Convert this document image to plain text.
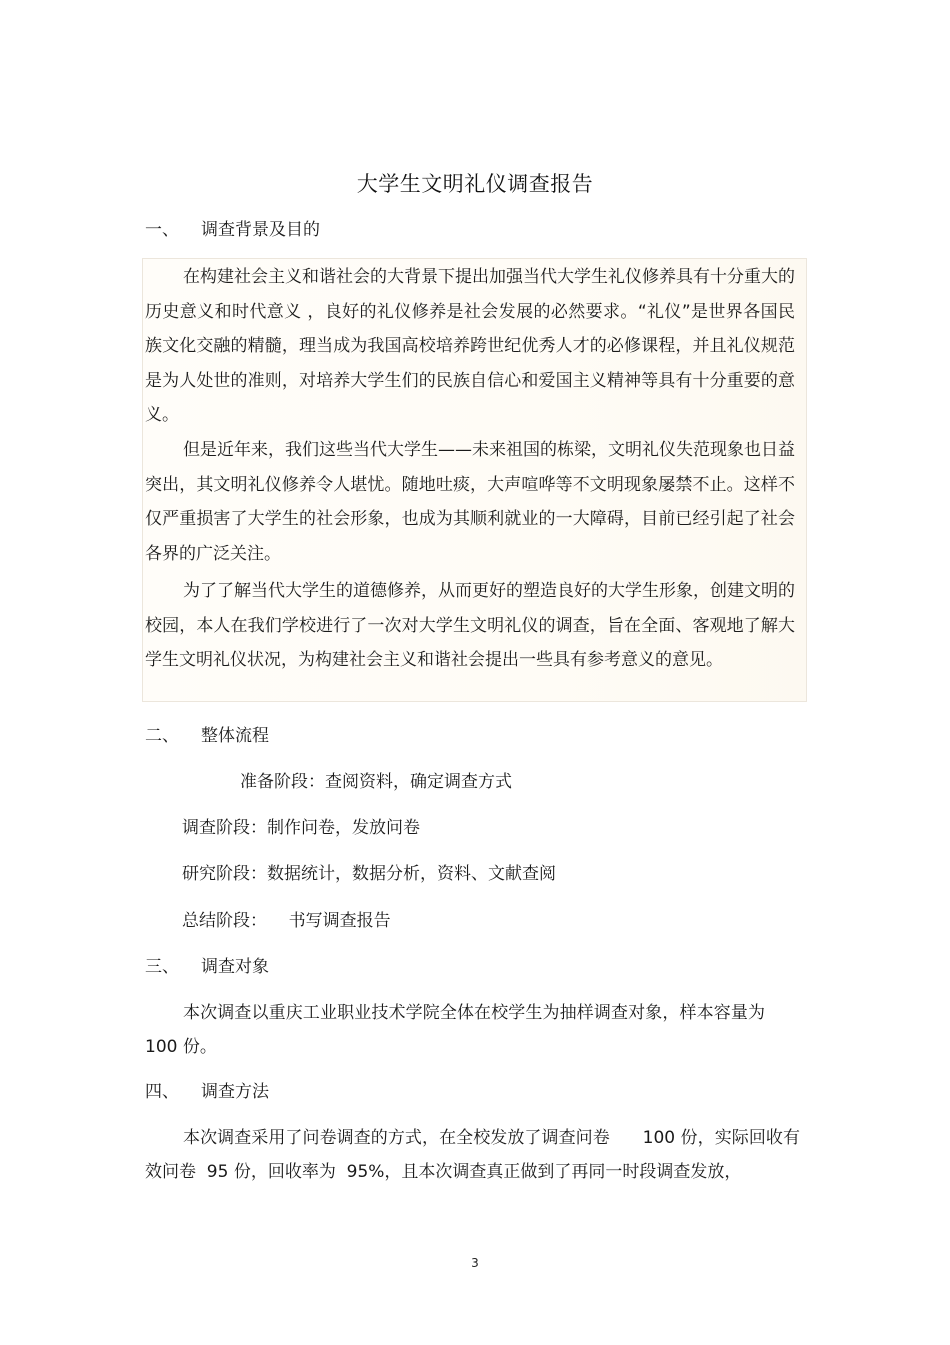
大学生文明礼仪调查报告
一、 调查背景及目的
在构建社会主义和谐社会的大背景下提出加强当代大学生礼仪修养具有十分重大的历史意义和时代意义 ，良好的礼仪修养是社会发展的必然要求。“礼仪”是世界各国民族文化交融的精髓，理当成为我国高校培养跨世纪优秀人才的必修课程，并且礼仪规范是为人处世的准则，对培养大学生们的民族自信心和爱国主义精神等具有十分重要的意义。
但是近年来，我们这些当代大学生——未来祖国的栋梁，文明礼仪失范现象也日益突出，其文明礼仪修养令人堪忧。随地吐痰，大声喧哗等不文明现象屡禁不止。这样不仅严重损害了大学生的社会形象，也成为其顺利就业的一大障碍，目前已经引起了社会各界的广泛关注。
为了了解当代大学生的道德修养，从而更好的塑造良好的大学生形象，创建文明的校园，本人在我们学校进行了一次对大学生文明礼仪的调查，旨在全面、客观地了解大学生文明礼仪状况，为构建社会主义和谐社会提出一些具有参考意义的意见。
二、 整体流程
准备阶段：查阅资料，确定调查方式
调查阶段：制作问卷，发放问卷
研究阶段：数据统计，数据分析，资料、文献查阅
总结阶段：    书写调查报告
三、 调查对象
本次调查以重庆工业职业技术学院全体在校学生为抽样调查对象，样本容量为 100 份。
四、 调查方法
本次调查采用了问卷调查的方式，在全校发放了调查问卷      100 份，实际回收有效问卷  95 份，回收率为  95%，且本次调查真正做到了再同一时段调查发放，
3
